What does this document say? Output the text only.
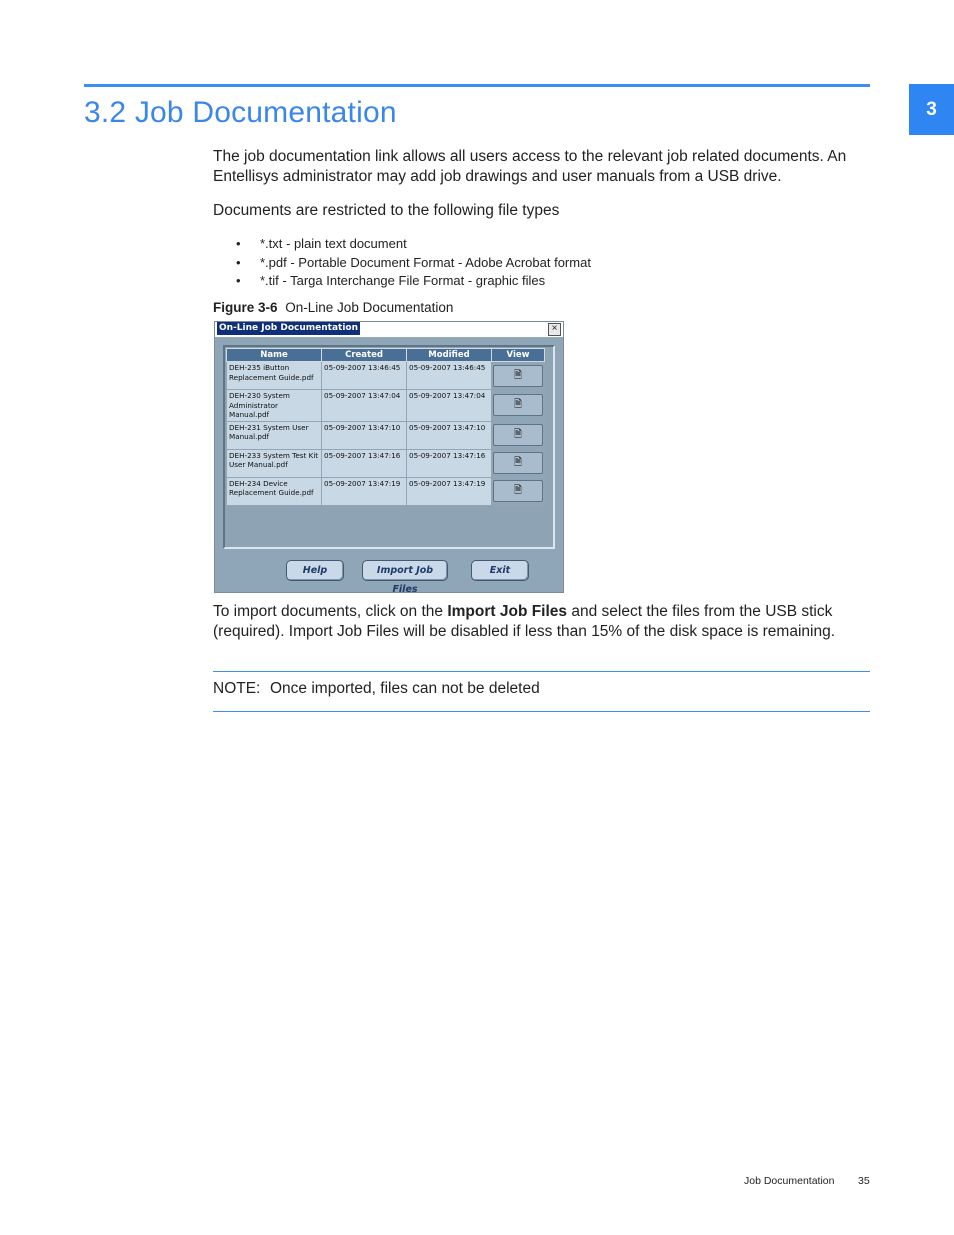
3
3.2 Job Documentation
The job documentation link allows all users access to the relevant job related documents. An Entellisys administrator may add job drawings and user manuals from a USB drive.
Documents are restricted to the following file types
•	*.txt - plain text document
•	*.pdf - Portable Document Format - Adobe Acrobat format
•	*.tif - Targa Interchange File Format - graphic files
Figure 3-6 On-Line Job Documentation
On-Line Job Documentation	×
Name	Created	Modified	View
DEH-235 iButton Replacement Guide.pdf	05-09-2007 13:46:45	05-09-2007 13:46:45	🗎
DEH-230 System Administrator Manual.pdf	05-09-2007 13:47:04	05-09-2007 13:47:04	🗎
DEH-231 System User Manual.pdf	05-09-2007 13:47:10	05-09-2007 13:47:10	🗎
DEH-233 System Test Kit User Manual.pdf	05-09-2007 13:47:16	05-09-2007 13:47:16	🗎
DEH-234 Device Replacement Guide.pdf	05-09-2007 13:47:19	05-09-2007 13:47:19	🗎
Help	Import Job Files
Exit
To import documents, click on the Import Job Files and select the files from the USB stick (required). Import Job Files will be disabled if less than 15% of the disk space is remaining.
NOTE: Once imported, files can not be deleted
Job Documentation 35
